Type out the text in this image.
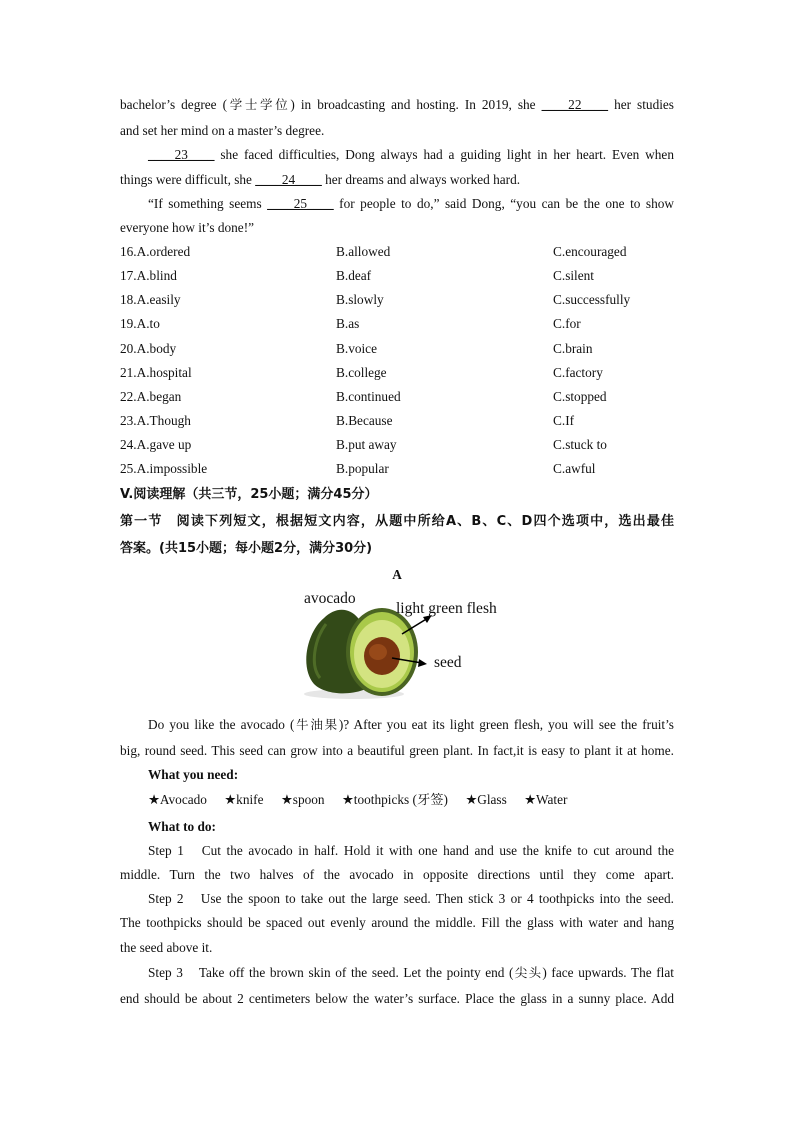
bachelor’s degree (学士学位) in broadcasting and hosting. In 2019, she ____22____ her studies
and set her mind on a master’s degree.
____23____ she faced difficulties, Dong always had a guiding light in her heart. Even when
things were difficult, she ____24____ her dreams and always worked hard.
“If something seems ____25____ for people to do,” said Dong, “you can be the one to show
everyone how it’s done!”
16.A.ordered	B.allowed	C.encouraged
17.A.blind	B.deaf	C.silent
18.A.easily	B.slowly	C.successfully
19.A.to	B.as	C.for
20.A.body	B.voice	C.brain
21.A.hospital	B.college	C.factory
22.A.began	B.continued	C.stopped
23.A.Though	B.Because	C.If
24.A.gave up	B.put away	C.stuck to
25.A.impossible	B.popular	C.awful
V.阅读理解（共三节，25小题；满分45分）
第一节　阅读下列短文，根据短文内容，从题中所给A、B、C、D四个选项中，选出最佳
答案。(共15小题；每小题2分，满分30分)
A
avocado
light green flesh
seed
Do you like the avocado (牛油果)? After you eat its light green flesh, you will see the fruit’s
big, round seed. This seed can grow into a beautiful green plant. In fact,it is easy to plant it at home.
What you need:
★Avocado ★knife ★spoon ★toothpicks (牙签) ★Glass ★Water
What to do:
Step 1　Cut the avocado in half. Hold it with one hand and use the knife to cut around the
middle. Turn the two halves of the avocado in opposite directions until they come apart.
Step 2　Use the spoon to take out the large seed. Then stick 3 or 4 toothpicks into the seed.
The toothpicks should be spaced out evenly around the middle. Fill the glass with water and hang
the seed above it.
Step 3　Take off the brown skin of the seed. Let the pointy end (尖头) face upwards. The flat
end should be about 2 centimeters below the water’s surface. Place the glass in a sunny place. Add
